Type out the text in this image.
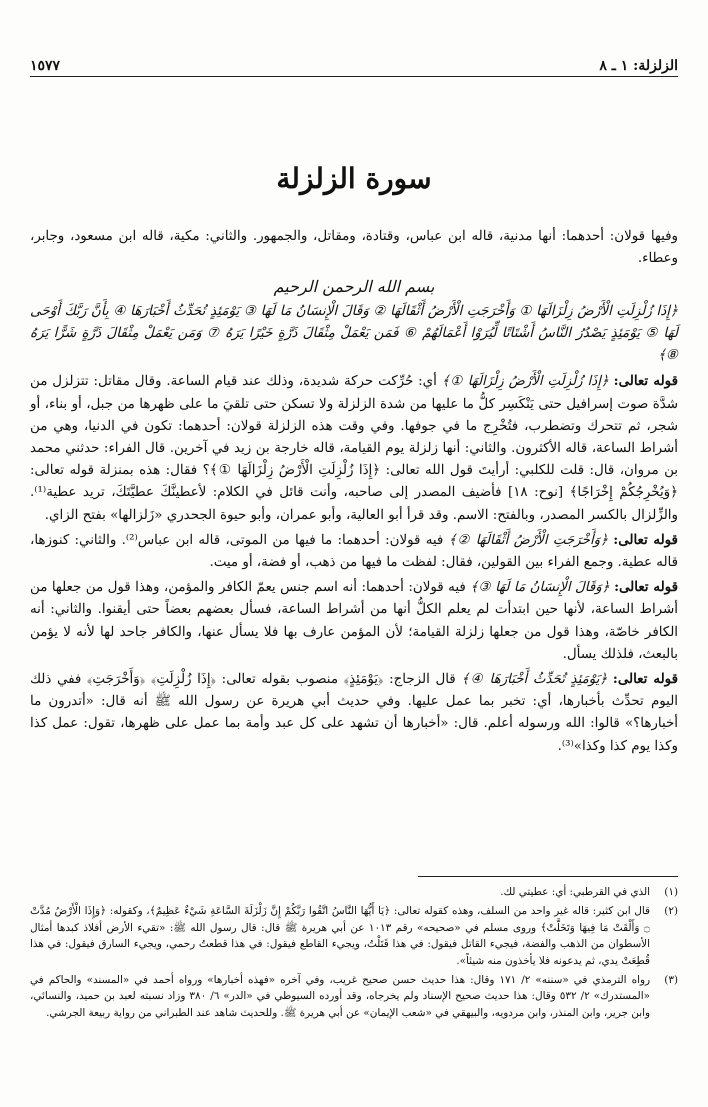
الزلزلة: ١ ـ ٨
١٥٧٧
سورة الزلزلة

وفيها قولان: أحدهما: أنها مدنية، قاله ابن عباس، وقتادة، ومقاتل، والجمهور. والثاني: مكية، قاله ابن مسعود، وجابر، وعطاء.

بسم الله الرحمن الرحيم

﴿إِذَا زُلْزِلَتِ الْأَرْضُ زِلْزَالَهَا ① وَأَخْرَجَتِ الْأَرْضُ أَثْقَالَهَا ② وَقَالَ الْإِنسَانُ مَا لَهَا ③ يَوْمَئِذٍ تُحَدِّثُ أَخْبَارَهَا ④ بِأَنَّ رَبَّكَ أَوْحَى لَهَا ⑤ يَوْمَئِذٍ يَصْدُرُ النَّاسُ أَشْتَاتًا لِّيُرَوْا أَعْمَالَهُمْ ⑥ فَمَن يَعْمَلْ مِثْقَالَ ذَرَّةٍ خَيْرًا يَرَهُ ⑦ وَمَن يَعْمَلْ مِثْقَالَ ذَرَّةٍ شَرًّا يَرَهُ ⑧﴾

قوله تعالى: ﴿إِذَا زُلْزِلَتِ الْأَرْضُ زِلْزَالَهَا ①﴾ أي: حُرِّكت حركة شديدة، وذلك عند قيام الساعة. وقال مقاتل: تتزلزل من شدَّة صوت إسرافيل حتى يَنْكَسِر كلُّ ما عليها من شدة الزلزلة ولا تسكن حتى تلقيَ ما على ظهرها من جبل، أو بناء، أو شجر، ثم تتحرك وتضطرب، فتُخْرِج ما في جوفها. وفي وقت هذه الزلزلة قولان: أحدهما: تكون في الدنيا، وهي من أشراط الساعة، قاله الأكثرون. والثاني: أنها زلزلة يوم القيامة، قاله خارجة بن زيد في آخرين. قال الفراء: حدثني محمد بن مروان، قال: قلت للكلبي: أرأيتَ قول الله تعالى: ﴿إِذَا زُلْزِلَتِ الْأَرْضُ زِلْزَالَهَا ①﴾؟ فقال: هذه بمنزلة قوله تعالى: ﴿وَيُخْرِجُكُمْ إِخْرَاجًا﴾ [نوح: ١٨] فأضيف المصدر إلى صاحبه، وأنت قائل في الكلام: لأعطينَّكَ عطيَّتَكَ، تريد عطية⁽¹⁾. والزِّلزال بالكسر المصدر، وبالفتح: الاسم. وقد قرأ أبو العالية، وأبو عمران، وأبو حيوة الجحدري «زَلزالها» بفتح الزاي.

قوله تعالى: ﴿وَأَخْرَجَتِ الْأَرْضُ أَثْقَالَهَا ②﴾ فيه قولان: أحدهما: ما فيها من الموتى، قاله ابن عباس⁽²⁾. والثاني: كنوزها، قاله عطية. وجمع الفراء بين القولين، فقال: لفظت ما فيها من ذهب، أو فضة، أو ميت.

قوله تعالى: ﴿وَقَالَ الْإِنسَانُ مَا لَهَا ③﴾ فيه قولان: أحدهما: أنه اسم جنس يعمّ الكافر والمؤمن، وهذا قول من جعلها من أشراط الساعة، لأنها حين ابتدأت لم يعلم الكلُّ أنها من أشراط الساعة، فسأل بعضهم بعضاً حتى أيقنوا. والثاني: أنه الكافر خاصّة، وهذا قول من جعلها زلزلة القيامة؛ لأن المؤمن عارف بها فلا يسأل عنها، والكافر جاحد لها لأنه لا يؤمن بالبعث، فلذلك يسأل.

قوله تعالى: ﴿يَوْمَئِذٍ تُحَدِّثُ أَخْبَارَهَا ④﴾ قال الزجاج: ﴿يَوْمَئِذٍ﴾ منصوب بقوله تعالى: ﴿إِذَا زُلْزِلَتِ﴾ ﴿وَأَخْرَجَتِ﴾ ففي ذلك اليوم تحدِّث بأخبارها، أي: تخبر بما عمل عليها. وفي حديث أبي هريرة عن رسول الله ﷺ أنه قال: «أتدرون ما أخبارها؟» قالوا: الله ورسوله أعلم. قال: «أخبارها أن تشهد على كل عبد وأمة بما عمل على ظهرها، تقول: عمل كذا وكذا يوم كذا وكذا»⁽³⁾.

(١)
الذي في القرطبي: أي: عطيتي لك.
(٢)
قال ابن كثير: قاله غير واحد من السلف، وهذه كقوله تعالى: ﴿يَا أَيُّهَا النَّاسُ اتَّقُوا رَبَّكُمْ إِنَّ زَلْزَلَةَ السَّاعَةِ شَيْءٌ عَظِيمٌ﴾، وكقوله: ﴿وَإِذَا الْأَرْضُ مُدَّتْ ۝ وَأَلْقَتْ مَا فِيهَا وَتَخَلَّتْ﴾ وروى مسلم في «صحيحه» رقم ١٠١٣ عن أبي هريرة ﷺ قال: قال رسول الله ﷺ: «تقيء الأرض أفلاذ كبدها أمثال الأسطوان من الذهب والفضة، فيجيء القاتل فيقول: في هذا قَتَلْتُ، ويجيء القاطع فيقول: في هذا قطعتُ رحمي، ويجيء السارق فيقول: في هذا قُطِعَتْ يدي، ثم يدعونه فلا يأخذون منه شيئاً».
(٣)
رواه الترمذي في «سننه» ٢/ ١٧١ وقال: هذا حديث حسن صحيح غريب، وفي آخره «فهذه أخبارها» ورواه أحمد في «المسند» والحاكم في «المستدرك» ٢/ ٥٣٢ وقال: هذا حديث صحيح الإسناد ولم يخرجاه، وقد أورده السيوطي في «الدر» ٦/ ٣٨٠ وزاد نسبته لعبد بن حميد، والنسائي، وابن جرير، وابن المنذر، وابن مردويه، والبيهقي في «شعب الإيمان» عن أبي هريرة ﷺ. وللحديث شاهد عند الطبراني من رواية ربيعة الجرشي.
